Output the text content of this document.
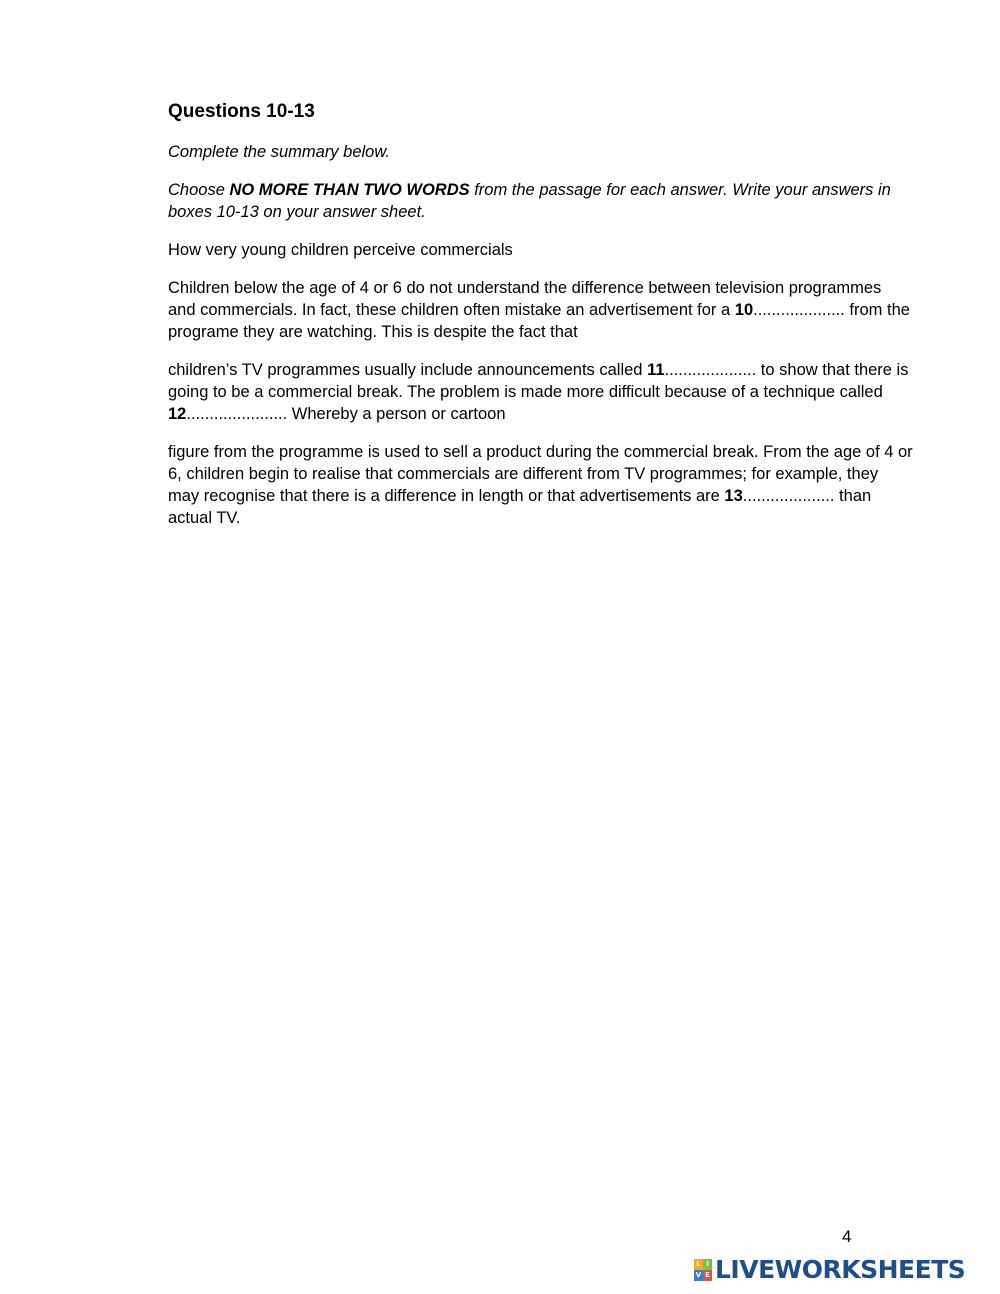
Questions 10-13

Complete the summary below.

Choose NO MORE THAN TWO WORDS from the passage for each answer. Write your answers in boxes 10-13 on your answer sheet.

How very young children perceive commercials

Children below the age of 4 or 6 do not understand the difference between television programmes and commercials. In fact, these children often mistake an advertisement for a 10.................... from the programe they are watching. This is despite the fact that

children’s TV programmes usually include announcements called 11.................... to show that there is going to be a commercial break. The problem is made more difficult because of a technique called 12...................... Whereby a person or cartoon

figure from the programme is used to sell a product during the commercial break. From the age of 4 or 6, children begin to realise that commercials are different from TV programmes; for example, they may recognise that there is a difference in length or that advertisements are 13.................... than actual TV.

4
L I
V E LIVEWORKSHEETS
